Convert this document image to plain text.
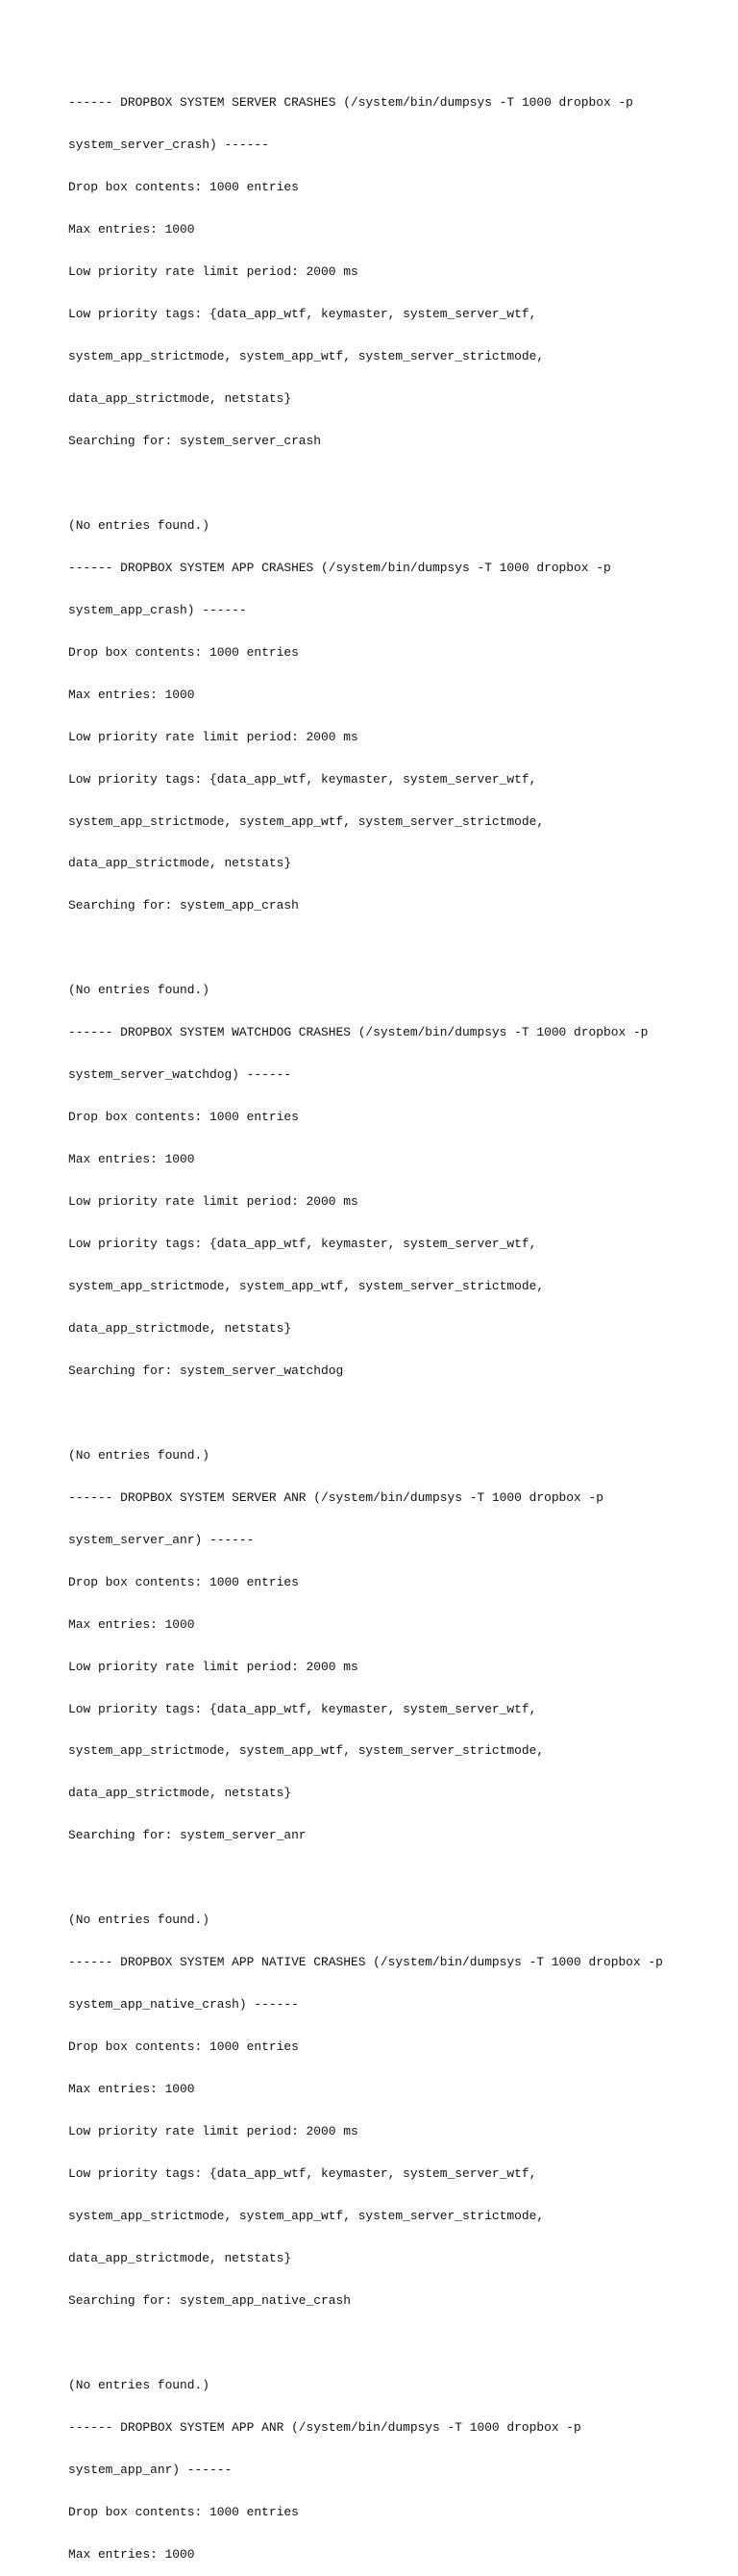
------ DROPBOX SYSTEM SERVER CRASHES (/system/bin/dumpsys -T 1000 dropbox -p

system_server_crash) ------

Drop box contents: 1000 entries

Max entries: 1000

Low priority rate limit period: 2000 ms

Low priority tags: {data_app_wtf, keymaster, system_server_wtf,

system_app_strictmode, system_app_wtf, system_server_strictmode,

data_app_strictmode, netstats}

Searching for: system_server_crash

(No entries found.)

------ DROPBOX SYSTEM APP CRASHES (/system/bin/dumpsys -T 1000 dropbox -p

system_app_crash) ------

Drop box contents: 1000 entries

Max entries: 1000

Low priority rate limit period: 2000 ms

Low priority tags: {data_app_wtf, keymaster, system_server_wtf,

system_app_strictmode, system_app_wtf, system_server_strictmode,

data_app_strictmode, netstats}

Searching for: system_app_crash

(No entries found.)

------ DROPBOX SYSTEM WATCHDOG CRASHES (/system/bin/dumpsys -T 1000 dropbox -p

system_server_watchdog) ------

Drop box contents: 1000 entries

Max entries: 1000

Low priority rate limit period: 2000 ms

Low priority tags: {data_app_wtf, keymaster, system_server_wtf,

system_app_strictmode, system_app_wtf, system_server_strictmode,

data_app_strictmode, netstats}

Searching for: system_server_watchdog

(No entries found.)

------ DROPBOX SYSTEM SERVER ANR (/system/bin/dumpsys -T 1000 dropbox -p

system_server_anr) ------

Drop box contents: 1000 entries

Max entries: 1000

Low priority rate limit period: 2000 ms

Low priority tags: {data_app_wtf, keymaster, system_server_wtf,

system_app_strictmode, system_app_wtf, system_server_strictmode,

data_app_strictmode, netstats}

Searching for: system_server_anr

(No entries found.)

------ DROPBOX SYSTEM APP NATIVE CRASHES (/system/bin/dumpsys -T 1000 dropbox -p

system_app_native_crash) ------

Drop box contents: 1000 entries

Max entries: 1000

Low priority rate limit period: 2000 ms

Low priority tags: {data_app_wtf, keymaster, system_server_wtf,

system_app_strictmode, system_app_wtf, system_server_strictmode,

data_app_strictmode, netstats}

Searching for: system_app_native_crash

(No entries found.)

------ DROPBOX SYSTEM APP ANR (/system/bin/dumpsys -T 1000 dropbox -p

system_app_anr) ------

Drop box contents: 1000 entries

Max entries: 1000
